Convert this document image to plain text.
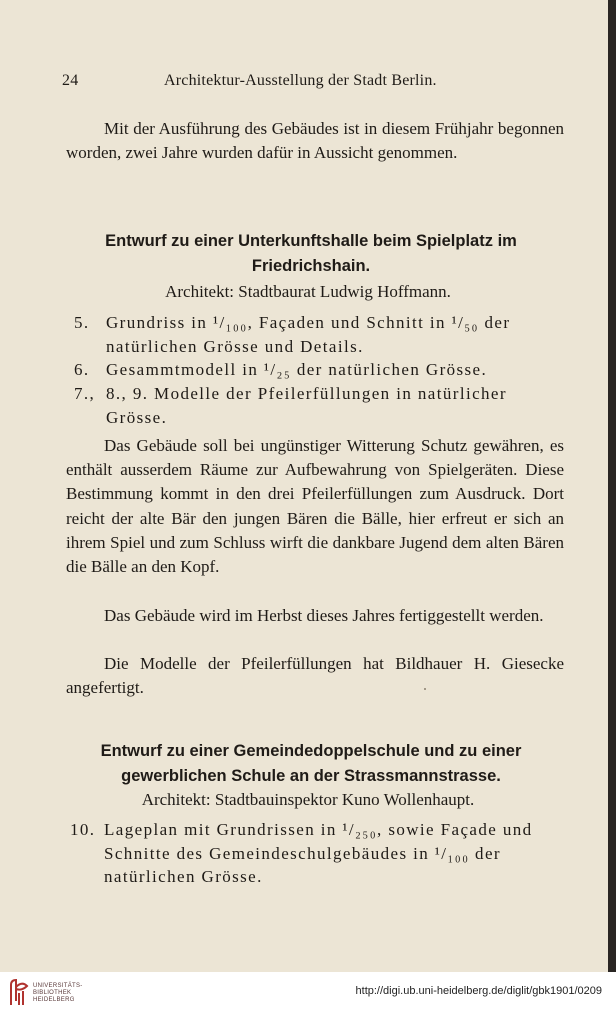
24	Architektur-Ausstellung der Stadt Berlin.
Mit der Ausführung des Gebäudes ist in diesem Frühjahr begonnen worden, zwei Jahre wurden dafür in Aussicht genommen.
Entwurf zu einer Unterkunftshalle beim Spielplatz im Friedrichshain.
Architekt: Stadtbaurat Ludwig Hoffmann.
5. Grundriss in ¹/₁₀₀, Façaden und Schnitt in ¹/₅₀ der natürlichen Grösse und Details.
6. Gesammtmodell in ¹/₂₅ der natürlichen Grösse.
7., 8., 9. Modelle der Pfeilerfüllungen in natürlicher Grösse.
Das Gebäude soll bei ungünstiger Witterung Schutz gewähren, es enthält ausserdem Räume zur Aufbewahrung von Spielgeräten. Diese Bestimmung kommt in den drei Pfeilerfüllungen zum Ausdruck. Dort reicht der alte Bär den jungen Bären die Bälle, hier erfreut er sich an ihrem Spiel und zum Schluss wirft die dankbare Jugend dem alten Bären die Bälle an den Kopf.
Das Gebäude wird im Herbst dieses Jahres fertiggestellt werden.
Die Modelle der Pfeilerfüllungen hat Bildhauer H. Giesecke angefertigt.
Entwurf zu einer Gemeindedoppelschule und zu einer gewerblichen Schule an der Strassmannstrasse.
Architekt: Stadtbauinspektor Kuno Wollenhaupt.
10. Lageplan mit Grundrissen in ¹/₂₅₀, sowie Façade und Schnitte des Gemeindeschulgebäudes in ¹/₁₀₀ der natürlichen Grösse.
UNIVERSITÄTS-
BIBLIOTHEK
HEIDELBERG
http://digi.ub.uni-heidelberg.de/diglit/gbk1901/0209
